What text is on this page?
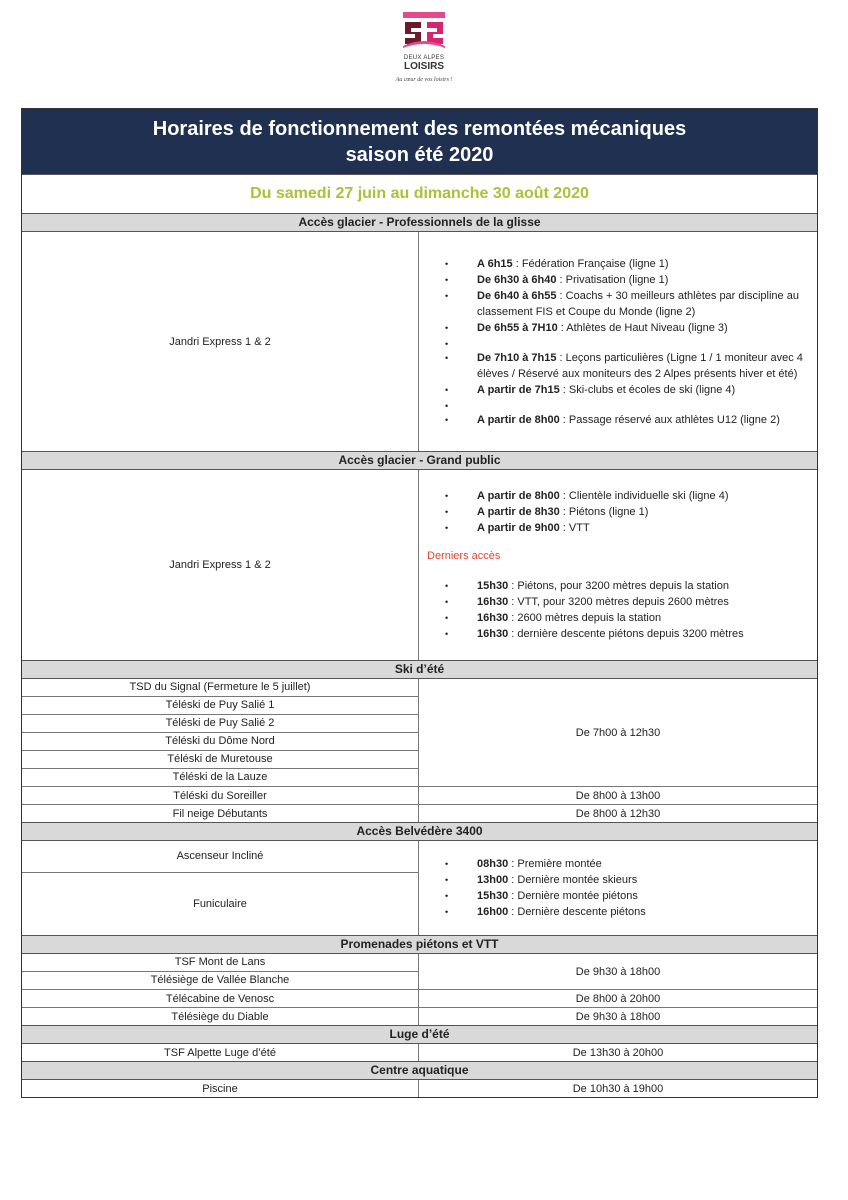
DEUX ALPES
LOISIRS
Au cœur de vos loisirs !
Horaires de fonctionnement des remontées mécaniques
saison été 2020
Du samedi 27 juin au dimanche 30 août 2020
Accès glacier - Professionnels de la glisse
Jandri Express 1 & 2
• A 6h15 : Fédération Française (ligne 1)
• De 6h30 à 6h40 : Privatisation (ligne 1)
• De 6h40 à 6h55 : Coachs + 30 meilleurs athlètes par discipline au classement FIS et Coupe du Monde (ligne 2)
• De 6h55 à 7H10 : Athlètes de Haut Niveau (ligne 3)
•
• De 7h10 à 7h15 : Leçons particulières (Ligne 1 / 1 moniteur avec 4 élèves / Réservé aux moniteurs des 2 Alpes présents hiver et été)
• A partir de 7h15 : Ski-clubs et écoles de ski (ligne 4)
•
• A partir de 8h00 : Passage réservé aux athlètes U12 (ligne 2)
Accès glacier - Grand public
Jandri Express 1 & 2
• A partir de 8h00 : Clientèle individuelle ski (ligne 4)
• A partir de 8h30 : Piétons (ligne 1)
• A partir de 9h00 : VTT
Derniers accès
• 15h30 : Piétons, pour 3200 mètres depuis la station
• 16h30 : VTT, pour 3200 mètres depuis 2600 mètres
• 16h30 : 2600 mètres depuis la station
• 16h30 : dernière descente piétons depuis 3200 mètres
Ski d’été
TSD du Signal (Fermeture le 5 juillet)
Téléski de Puy Salié 1
Téléski de Puy Salié 2
Téléski du Dôme Nord
Téléski de Muretouse
Téléski de la Lauze
De 7h00 à 12h30
Téléski du Soreiller	De 8h00 à 13h00
Fil neige Débutants	De 8h00 à 12h30
Accès Belvédère 3400
Ascenseur Incliné
Funiculaire
• 08h30 : Première montée
• 13h00 : Dernière montée skieurs
• 15h30 : Dernière montée piétons
• 16h00 : Dernière descente piétons
Promenades piétons et VTT
TSF Mont de Lans
Télésiège de Vallée Blanche
De 9h30 à 18h00
Télécabine de Venosc	De 8h00 à 20h00
Télésiège du Diable	De 9h30 à 18h00
Luge d’été
TSF Alpette Luge d’été	De 13h30 à 20h00
Centre aquatique
Piscine	De 10h30 à 19h00
